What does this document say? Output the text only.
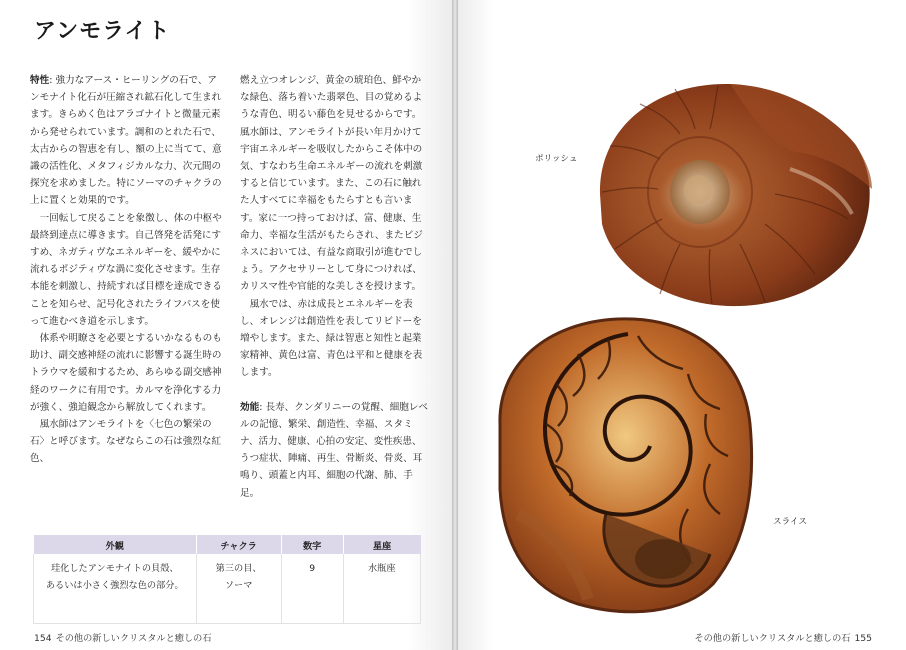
アンモライト

特性: 強力なアース・ヒーリングの石で、アンモナイト化石が圧縮され鉱石化して生まれます。きらめく色はアラゴナイトと微量元素から発せられています。調和のとれた石で、太古からの智恵を有し、額の上に当てて、意識の活性化、メタフィジカルな力、次元間の探究を求めました。特にソーマのチャクラの上に置くと効果的です。

一回転して戻ることを象徴し、体の中枢や最終到達点に導きます。自己啓発を活発にすすめ、ネガティヴなエネルギーを、緩やかに流れるポジティヴな渦に変化させます。生存本能を刺激し、持続すれば目標を達成できることを知らせ、記号化されたライフパスを使って進むべき道を示します。

体系や明瞭さを必要とするいかなるものも助け、副交感神経の流れに影響する誕生時のトラウマを緩和するため、あらゆる副交感神経のワークに有用です。カルマを浄化する力が強く、強迫観念から解放してくれます。

風水師はアンモライトを〈七色の繁栄の石〉と呼びます。なぜならこの石は強烈な紅色、

燃え立つオレンジ、黄金の琥珀色、鮮やかな緑色、落ち着いた翡翠色、目の覚めるような青色、明るい藤色を見せるからです。風水師は、アンモライトが長い年月かけて宇宙エネルギーを吸収したからこそ体中の気、すなわち生命エネルギーの流れを刺激すると信じています。また、この石に触れた人すべてに幸福をもたらすとも言います。家に一つ持っておけば、富、健康、生命力、幸福な生活がもたらされ、またビジネスにおいては、有益な商取引が進むでしょう。アクセサリーとして身につければ、カリスマ性や官能的な美しさを授けます。

風水では、赤は成長とエネルギーを表し、オレンジは創造性を表してリビドーを増やします。また、緑は智恵と知性と起業家精神、黄色は富、青色は平和と健康を表します。

効能: 長寿、クンダリニーの覚醒、細胞レベルの記憶、繁栄、創造性、幸福、スタミナ、活力、健康、心拍の安定、変性疾患、うつ症状、陣痛、再生、骨断炎、骨炎、耳鳴り、頭蓋と内耳、細胞の代謝、肺、手足。

外観	チャクラ	数字	星座
珪化したアンモナイトの貝殻、
あるいは小さく強烈な色の部分。	第三の目、
ソーマ	9	水瓶座
154 その他の新しいクリスタルと癒しの石
ポリッシュ
スライス
その他の新しいクリスタルと癒しの石 155
